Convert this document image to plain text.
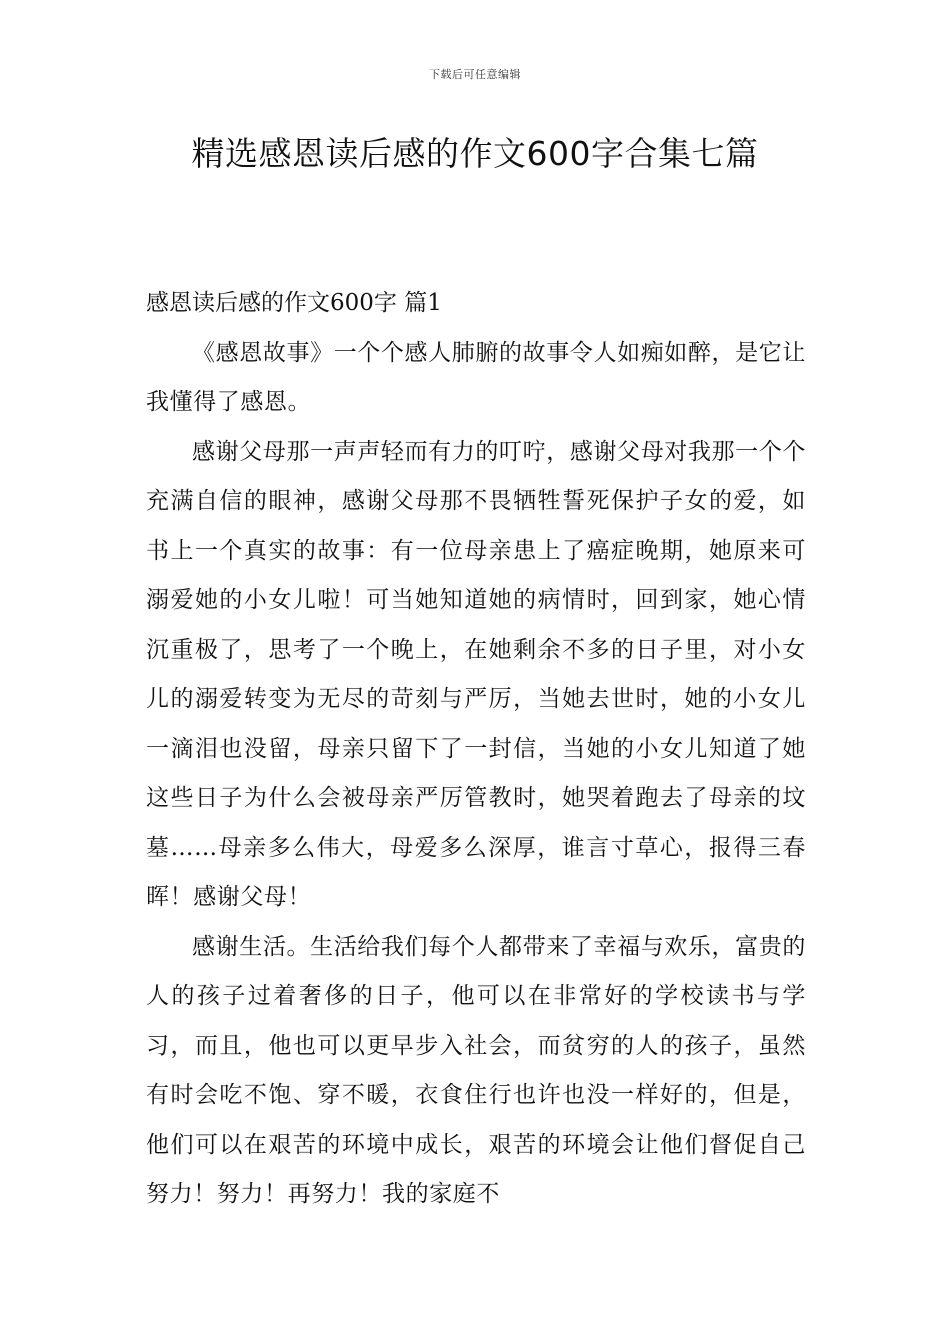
下载后可任意编辑
精选感恩读后感的作文600字合集七篇

感恩读后感的作文600字 篇1

《感恩故事》一个个感人肺腑的故事令人如痴如醉，是它让我懂得了感恩。

感谢父母那一声声轻而有力的叮咛，感谢父母对我那一个个充满自信的眼神，感谢父母那不畏牺牲誓死保护子女的爱，如书上一个真实的故事：有一位母亲患上了癌症晚期，她原来可溺爱她的小女儿啦！可当她知道她的病情时，回到家，她心情沉重极了，思考了一个晚上，在她剩余不多的日子里，对小女儿的溺爱转变为无尽的苛刻与严厉，当她去世时，她的小女儿一滴泪也没留，母亲只留下了一封信，当她的小女儿知道了她这些日子为什么会被母亲严厉管教时，她哭着跑去了母亲的坟墓……母亲多么伟大，母爱多么深厚，谁言寸草心，报得三春晖！感谢父母！

感谢生活。生活给我们每个人都带来了幸福与欢乐，富贵的人的孩子过着奢侈的日子，他可以在非常好的学校读书与学习，而且，他也可以更早步入社会，而贫穷的人的孩子，虽然有时会吃不饱、穿不暖，衣食住行也许也没一样好的，但是，他们可以在艰苦的环境中成长，艰苦的环境会让他们督促自己努力！努力！再努力！我的家庭不
